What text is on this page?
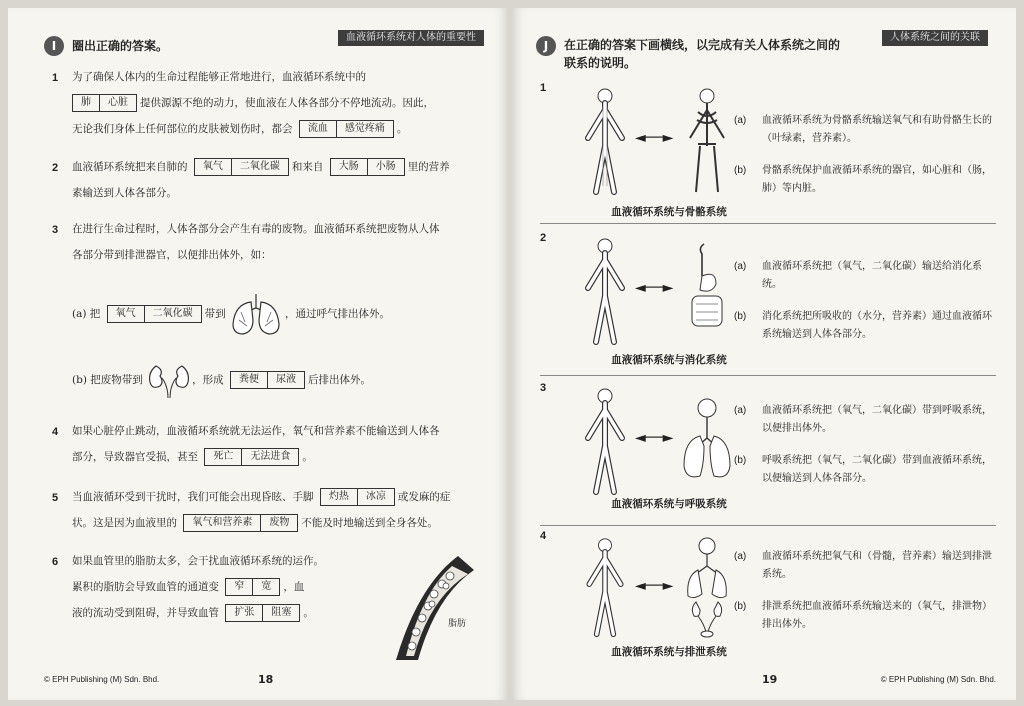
I	圈出正确的答案。
血液循环系统对人体的重要性
1 为了确保人体内的生命过程能够正常地进行，血液循环系统中的
肺	心脏	提供源源不绝的动力，使血液在人体各部分不停地流动。因此，
无论我们身体上任何部位的皮肤被划伤时，都会	流血	感觉疼痛	。
2 血液循环系统把来自肺的	氧气	二氧化碳	和来自	大肠	小肠	里的营养
素输送到人体各部分。
3 在进行生命过程时，人体各部分会产生有毒的废物。血液循环系统把废物从人体
各部分带到排泄器官，以便排出体外，如：
(a) 把	氧气	二氧化碳	带到	，通过呼气排出体外。
(b) 把废物带到	，形成	粪便	尿液	后排出体外。
4 如果心脏停止跳动，血液循环系统就无法运作，氧气和营养素不能输送到人体各
部分，导致器官受损，甚至	死亡	无法进食	。
5 当血液循环受到干扰时，我们可能会出现昏眩、手脚	灼热	冰凉	或发麻的症
状。这是因为血液里的	氧气和营养素	废物	不能及时地输送到全身各处。
6 如果血管里的脂肪太多，会干扰血液循环系统的运作。
累积的脂肪会导致血管的通道变	窄	宽	，血
液的流动受到阻碍，并导致血管	扩张	阻塞	。
脂肪
© EPH Publishing (M) Sdn. Bhd.	18
J	在正确的答案下画横线，以完成有关人体系统之间的
联系的说明。
人体系统之间的关联
1
◄──►
血液循环系统与骨骼系统
(a)	血液循环系统为骨骼系统输送氧气和有助骨骼生长的（叶绿素，营养素）。
(b)	骨骼系统保护血液循环系统的器官，如心脏和（肠，肺）等内脏。
2
◄──►
血液循环系统与消化系统
(a)	血液循环系统把（氧气，二氧化碳）输送给消化系统。
(b)	消化系统把所吸收的（水分，营养素）通过血液循环系统输送到人体各部分。
3
◄──►
血液循环系统与呼吸系统
(a)	血液循环系统把（氧气，二氧化碳）带到呼吸系统，以便排出体外。
(b)	呼吸系统把（氧气，二氧化碳）带到血液循环系统，以便输送到人体各部分。
4
◄──►
血液循环系统与排泄系统
(a)	血液循环系统把氧气和（骨髓，营养素）输送到排泄系统。
(b)	排泄系统把血液循环系统输送来的（氧气，排泄物）排出体外。
19	© EPH Publishing (M) Sdn. Bhd.
